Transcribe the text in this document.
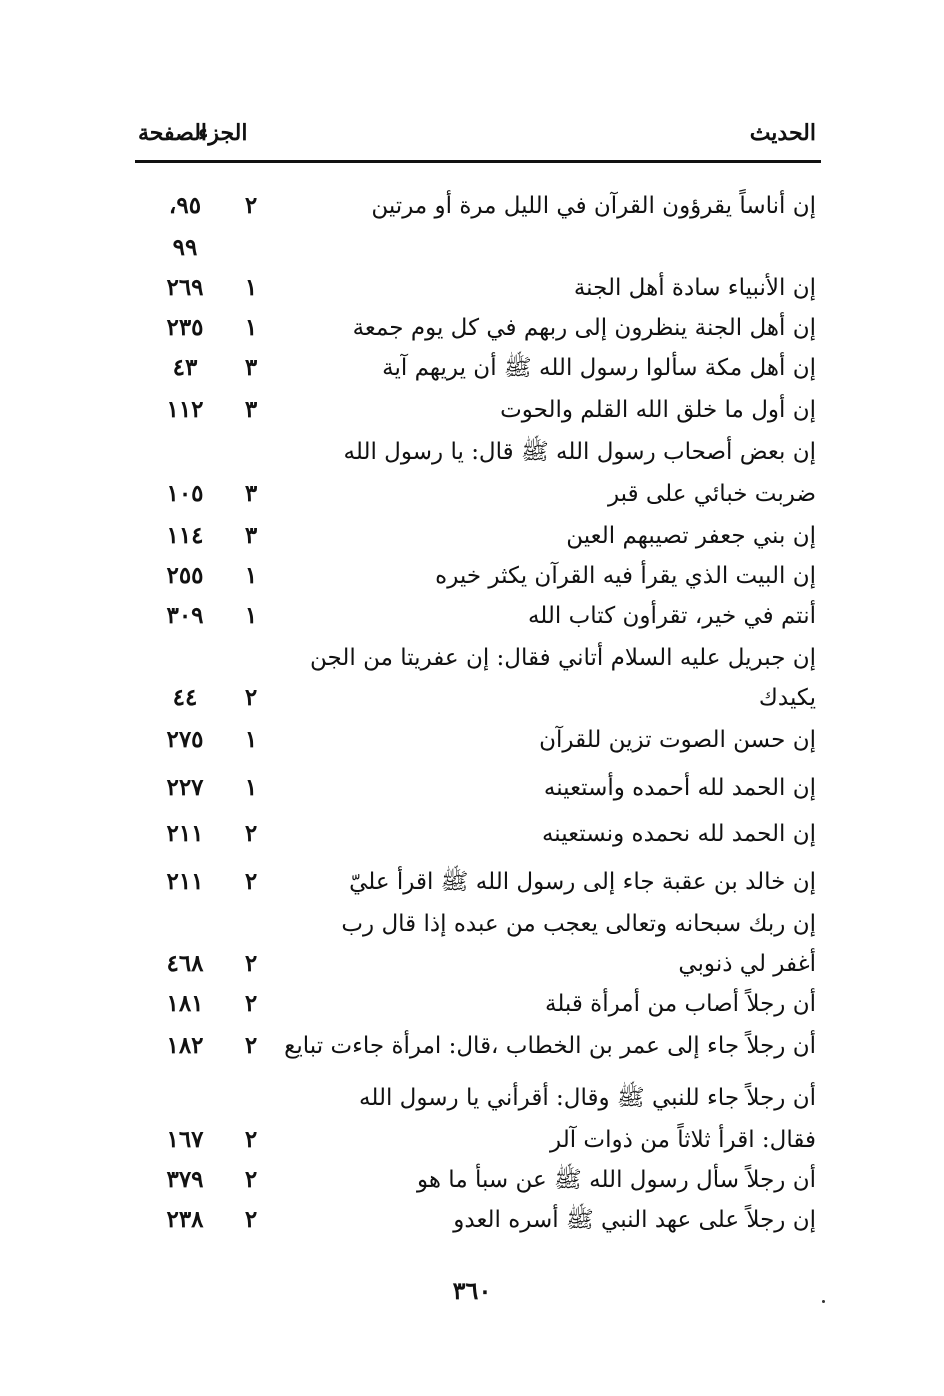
الحديث
الجزء
الصفحة
إن أناساً يقرؤون القرآن في الليل مرة أو مرتين
٢
٩٥،
٩٩
إن الأنبياء سادة أهل الجنة
١
٢٦٩
إن أهل الجنة ينظرون إلى ربهم في كل يوم جمعة
١
٢٣٥
إن أهل مكة سألوا رسول الله ﷺ أن يريهم آية
٣
٤٣
إن أول ما خلق الله القلم والحوت
٣
١١٢
إن بعض أصحاب رسول الله ﷺ قال: يا رسول الله
ضربت خبائي على قبر
٣
١٠٥
إن بني جعفر تصيبهم العين
٣
١١٤
إن البيت الذي يقرأ فيه القرآن يكثر خيره
١
٢٥٥
أنتم في خير، تقرأون كتاب الله
١
٣٠٩
إن جبريل عليه السلام أتاني فقال: إن عفريتا من الجن
يكيدك
٢
٤٤
إن حسن الصوت تزين للقرآن
١
٢٧٥
إن الحمد لله أحمده وأستعينه
١
٢٢٧
إن الحمد لله نحمده ونستعينه
٢
٢١١
إن خالد بن عقبة جاء إلى رسول الله ﷺ اقرأ عليّ
٢
٢١١
إن ربك سبحانه وتعالى يعجب من عبده إذا قال رب
أغفر لي ذنوبي
٢
٤٦٨
أن رجلاً أصاب من أمرأة قبلة
٢
١٨١
أن رجلاً جاء إلى عمر بن الخطاب ،قال: امرأة جاءت تبايع
٢
١٨٢
أن رجلاً جاء للنبي ﷺ وقال: أقرأني يا رسول الله
فقال: اقرأ ثلاثاً من ذوات آلر
٢
١٦٧
أن رجلاً سأل رسول الله ﷺ عن سبأ ما هو
٢
٣٧٩
إن رجلاً على عهد النبي ﷺ أسره العدو
٢
٢٣٨
٣٦٠
